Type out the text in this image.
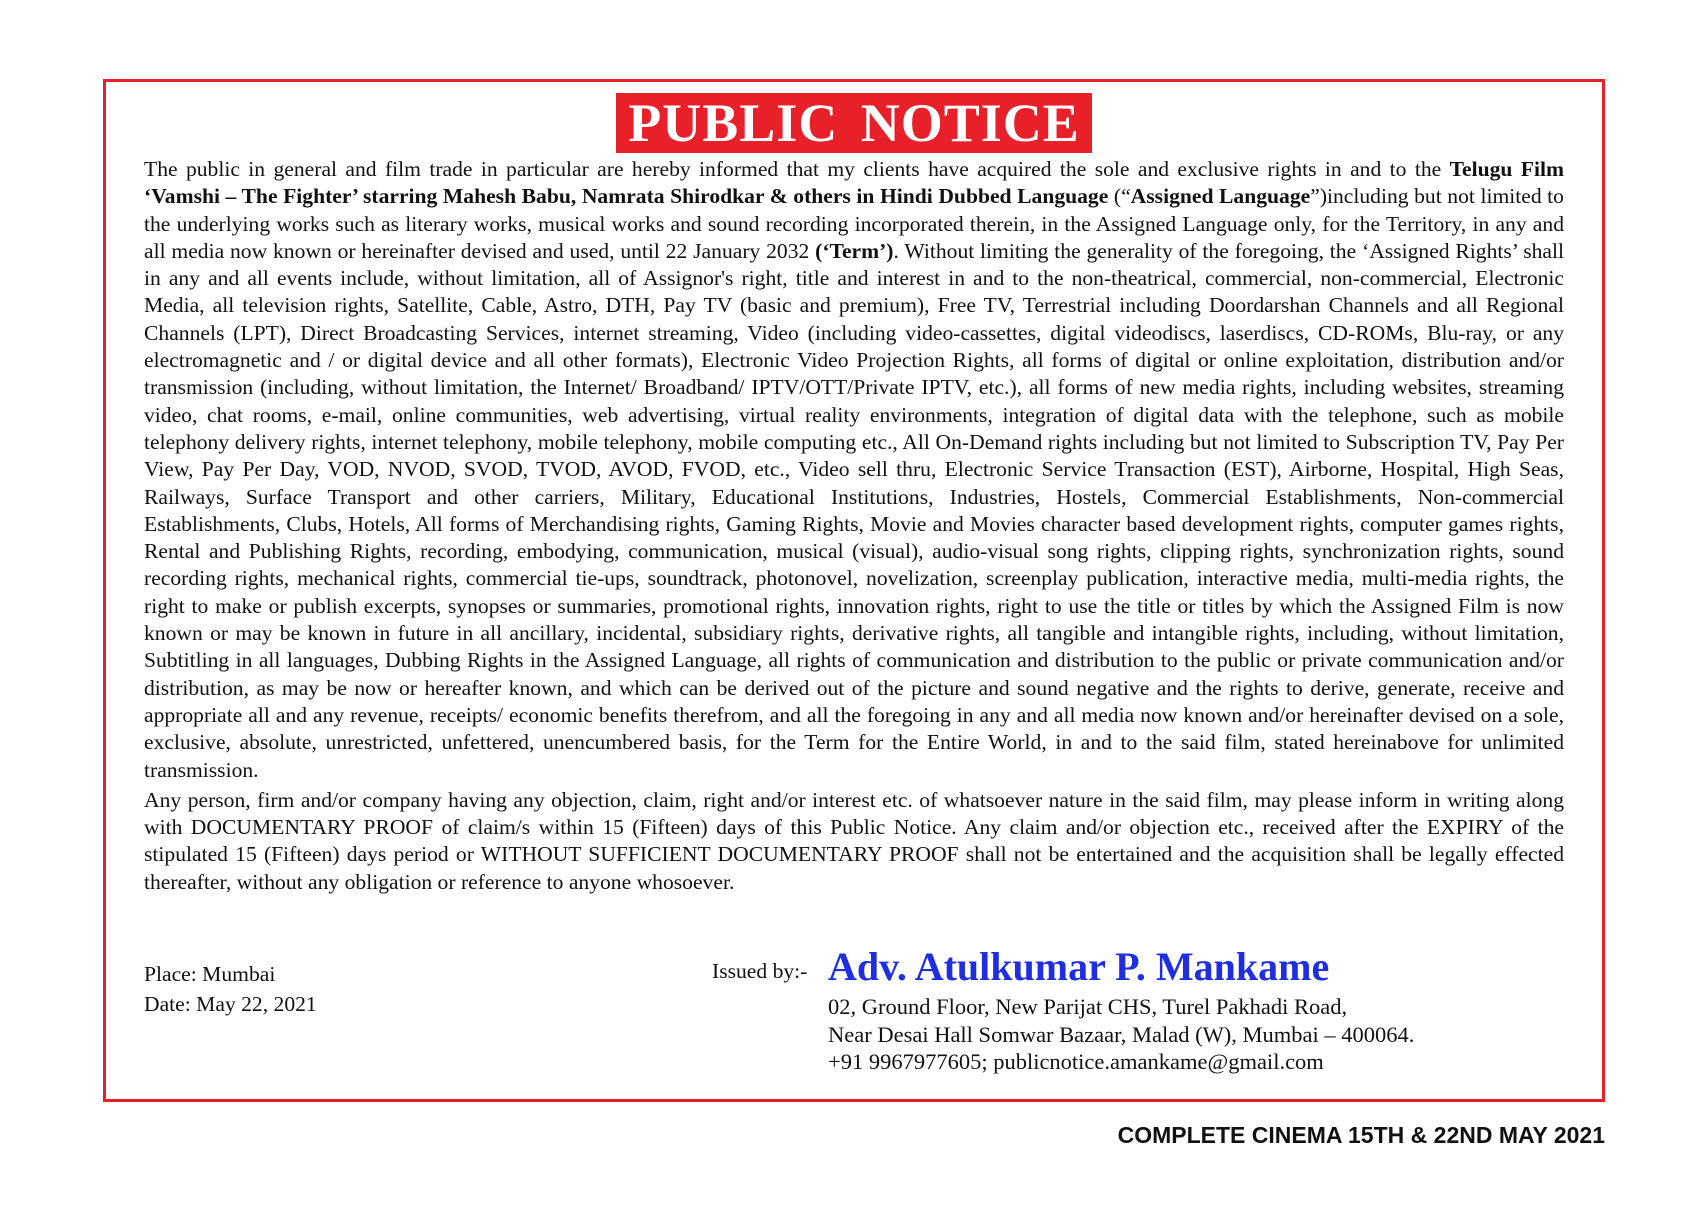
PUBLIC NOTICE

The public in general and film trade in particular are hereby informed that my clients have acquired the sole and exclusive rights in and to the Telugu Film ‘Vamshi – The Fighter’ starring Mahesh Babu, Namrata Shirodkar & others in Hindi Dubbed Language (“Assigned Language”)including but not limited to the underlying works such as literary works, musical works and sound recording incorporated therein, in the Assigned Language only, for the Territory, in any and all media now known or hereinafter devised and used, until 22 January 2032 (‘Term’). Without limiting the generality of the foregoing, the ‘Assigned Rights’ shall in any and all events include, without limitation, all of Assignor's right, title and interest in and to the non-theatrical, commercial, non-commercial, Electronic Media, all television rights, Satellite, Cable, Astro, DTH, Pay TV (basic and premium), Free TV, Terrestrial including Doordarshan Channels and all Regional Channels (LPT), Direct Broadcasting Services, internet streaming, Video (including video-cassettes, digital videodiscs, laserdiscs, CD-ROMs, Blu-ray, or any electromagnetic and / or digital device and all other formats), Electronic Video Projection Rights, all forms of digital or online exploitation, distribution and/or transmission (including, without limitation, the Internet/ Broadband/ IPTV/OTT/Private IPTV, etc.), all forms of new media rights, including websites, streaming video, chat rooms, e-mail, online communities, web advertising, virtual reality environments, integration of digital data with the telephone, such as mobile telephony delivery rights, internet telephony, mobile telephony, mobile computing etc., All On-Demand rights including but not limited to Subscription TV, Pay Per View, Pay Per Day, VOD, NVOD, SVOD, TVOD, AVOD, FVOD, etc., Video sell thru, Electronic Service Transaction (EST), Airborne, Hospital, High Seas, Railways, Surface Transport and other carriers, Military, Educational Institutions, Industries, Hostels, Commercial Establishments, Non-commercial Establishments, Clubs, Hotels, All forms of Merchandising rights, Gaming Rights, Movie and Movies character based development rights, computer games rights, Rental and Publishing Rights, recording, embodying, communication, musical (visual), audio-visual song rights, clipping rights, synchronization rights, sound recording rights, mechanical rights, commercial tie-ups, soundtrack, photonovel, novelization, screenplay publication, interactive media, multi-media rights, the right to make or publish excerpts, synopses or summaries, promotional rights, innovation rights, right to use the title or titles by which the Assigned Film is now known or may be known in future in all ancillary, incidental, subsidiary rights, derivative rights, all tangible and intangible rights, including, without limitation, Subtitling in all languages, Dubbing Rights in the Assigned Language, all rights of communication and distribution to the public or private communication and/or distribution, as may be now or hereafter known, and which can be derived out of the picture and sound negative and the rights to derive, generate, receive and appropriate all and any revenue, receipts/ economic benefits therefrom, and all the foregoing in any and all media now known and/or hereinafter devised on a sole, exclusive, absolute, unrestricted, unfettered, unencumbered basis, for the Term for the Entire World, in and to the said film, stated hereinabove for unlimited transmission.

Any person, firm and/or company having any objection, claim, right and/or interest etc. of whatsoever nature in the said film, may please inform in writing along with DOCUMENTARY PROOF of claim/s within 15 (Fifteen) days of this Public Notice. Any claim and/or objection etc., received after the EXPIRY of the stipulated 15 (Fifteen) days period or WITHOUT SUFFICIENT DOCUMENTARY PROOF shall not be entertained and the acquisition shall be legally effected thereafter, without any obligation or reference to anyone whosoever.

Place: Mumbai
Date: May 22, 2021
Issued by:- Adv. Atulkumar P. Mankame
02, Ground Floor, New Parijat CHS, Turel Pakhadi Road,
Near Desai Hall Somwar Bazaar, Malad (W), Mumbai – 400064.
+91 9967977605; publicnotice.amankame@gmail.com
COMPLETE CINEMA 15TH & 22ND MAY 2021
